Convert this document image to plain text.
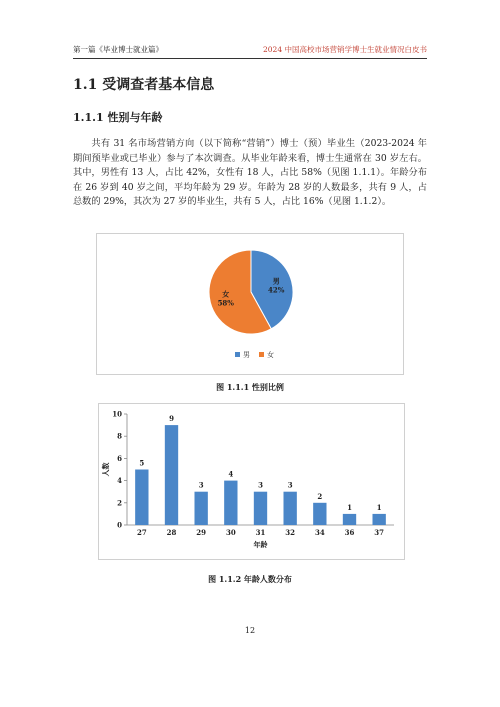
第一篇《毕业博士就业篇》	2024 中国高校市场营销学博士生就业情况白皮书
1.1 受调查者基本信息
1.1.1 性别与年龄
共有 31 名市场营销方向（以下简称“营销”）博士（预）毕业生（2023-2024 年期间预毕业或已毕业）参与了本次调查。从毕业年龄来看，博士生通常在 30 岁左右。其中，男性有 13 人，占比 42%，女性有 18 人，占比 58%（见图 1.1.1）。年龄分布在 26 岁到 40 岁之间，平均年龄为 29 岁。年龄为 28 岁的人数最多，共有 9 人，占总数的 29%，其次为 27 岁的毕业生，共有 5 人，占比 16%（见图 1.1.2）。
男 42%
女 58%
男 女
图 1.1.1 性别比例
0
2
4
6
8
10
5
27
9
28
3
29
4
30
3
31
3
32
2
34
1
36
1
37
年龄
人数
图 1.1.2 年龄人数分布
12
